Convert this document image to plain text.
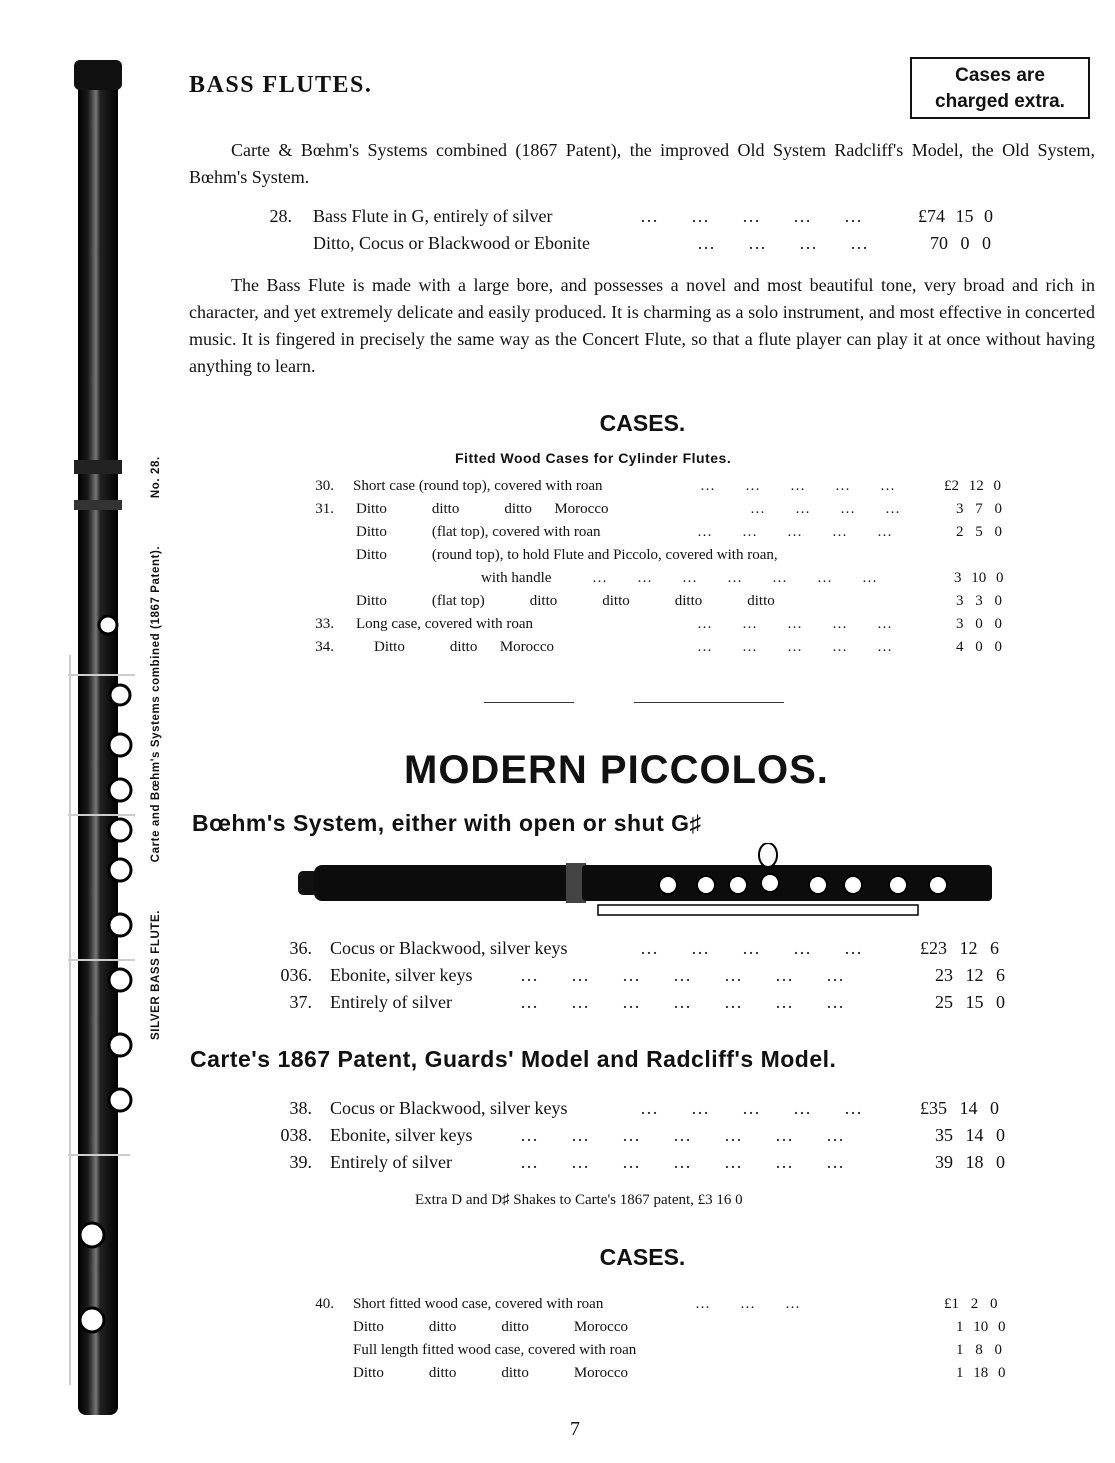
SILVER BASS FLUTE.  Carte and Bœhm's Systems combined (1867 Patent).  No. 28.
BASS FLUTES.	Cases are
charged extra.
Carte & Bœhm's Systems combined (1867 Patent), the improved Old System Radcliff's Model, the Old System, Bœhm's System.
28. Bass Flute in G, entirely of silver	…    …    …    …    …	£74 15 0
Ditto, Cocus or Blackwood or Ebonite	…    …    …    …	70 0 0
The Bass Flute is made with a large bore, and possesses a novel and most beautiful tone, very broad and rich in character, and yet extremely delicate and easily produced. It is charming as a solo instrument, and most effective in concerted music. It is fingered in precisely the same way as the Concert Flute, so that a flute player can play it at once without having anything to learn.
CASES.
Fitted Wood Cases for Cylinder Flutes.
30. Short case (round top), covered with roan	…    …    …    …    …	£2 12 0
31. Ditto            ditto            ditto      Morocco	…    …    …    …	3 7 0
Ditto            (flat top), covered with roan	…    …    …    …    …	2 5 0
Ditto            (round top), to hold Flute and Piccolo, covered with roan,
with handle	…    …    …    …    …    …    …	3 10 0
Ditto            (flat top)            ditto            ditto            ditto            ditto	3 3 0
33. Long case, covered with roan	…    …    …    …    …	3 0 0
34.	Ditto            ditto      Morocco	…    …    …    …    …	4 0 0
MODERN PICCOLOS.
Bœhm's System, either with open or shut G♯
36. Cocus or Blackwood, silver keys	…    …    …    …    …	£23 12 6
036. Ebonite, silver keys	…    …    …    …    …    …    …	23 12 6
37. Entirely of silver	…    …    …    …    …    …    …	25 15 0
Carte's 1867 Patent, Guards' Model and Radcliff's Model.
38. Cocus or Blackwood, silver keys	…    …    …    …    …	£35 14 0
038. Ebonite, silver keys	…    …    …    …    …    …    …	35 14 0
39. Entirely of silver	…    …    …    …    …    …    …	39 18 0
Extra D and D♯ Shakes to Carte's 1867 patent, £3 16 0
CASES.
40. Short fitted wood case, covered with roan	…    …    …	£1 2 0
Ditto            ditto            ditto            Morocco	1 10 0
Full length fitted wood case, covered with roan	1 8 0
Ditto            ditto            ditto            Morocco	1 18 0
7
